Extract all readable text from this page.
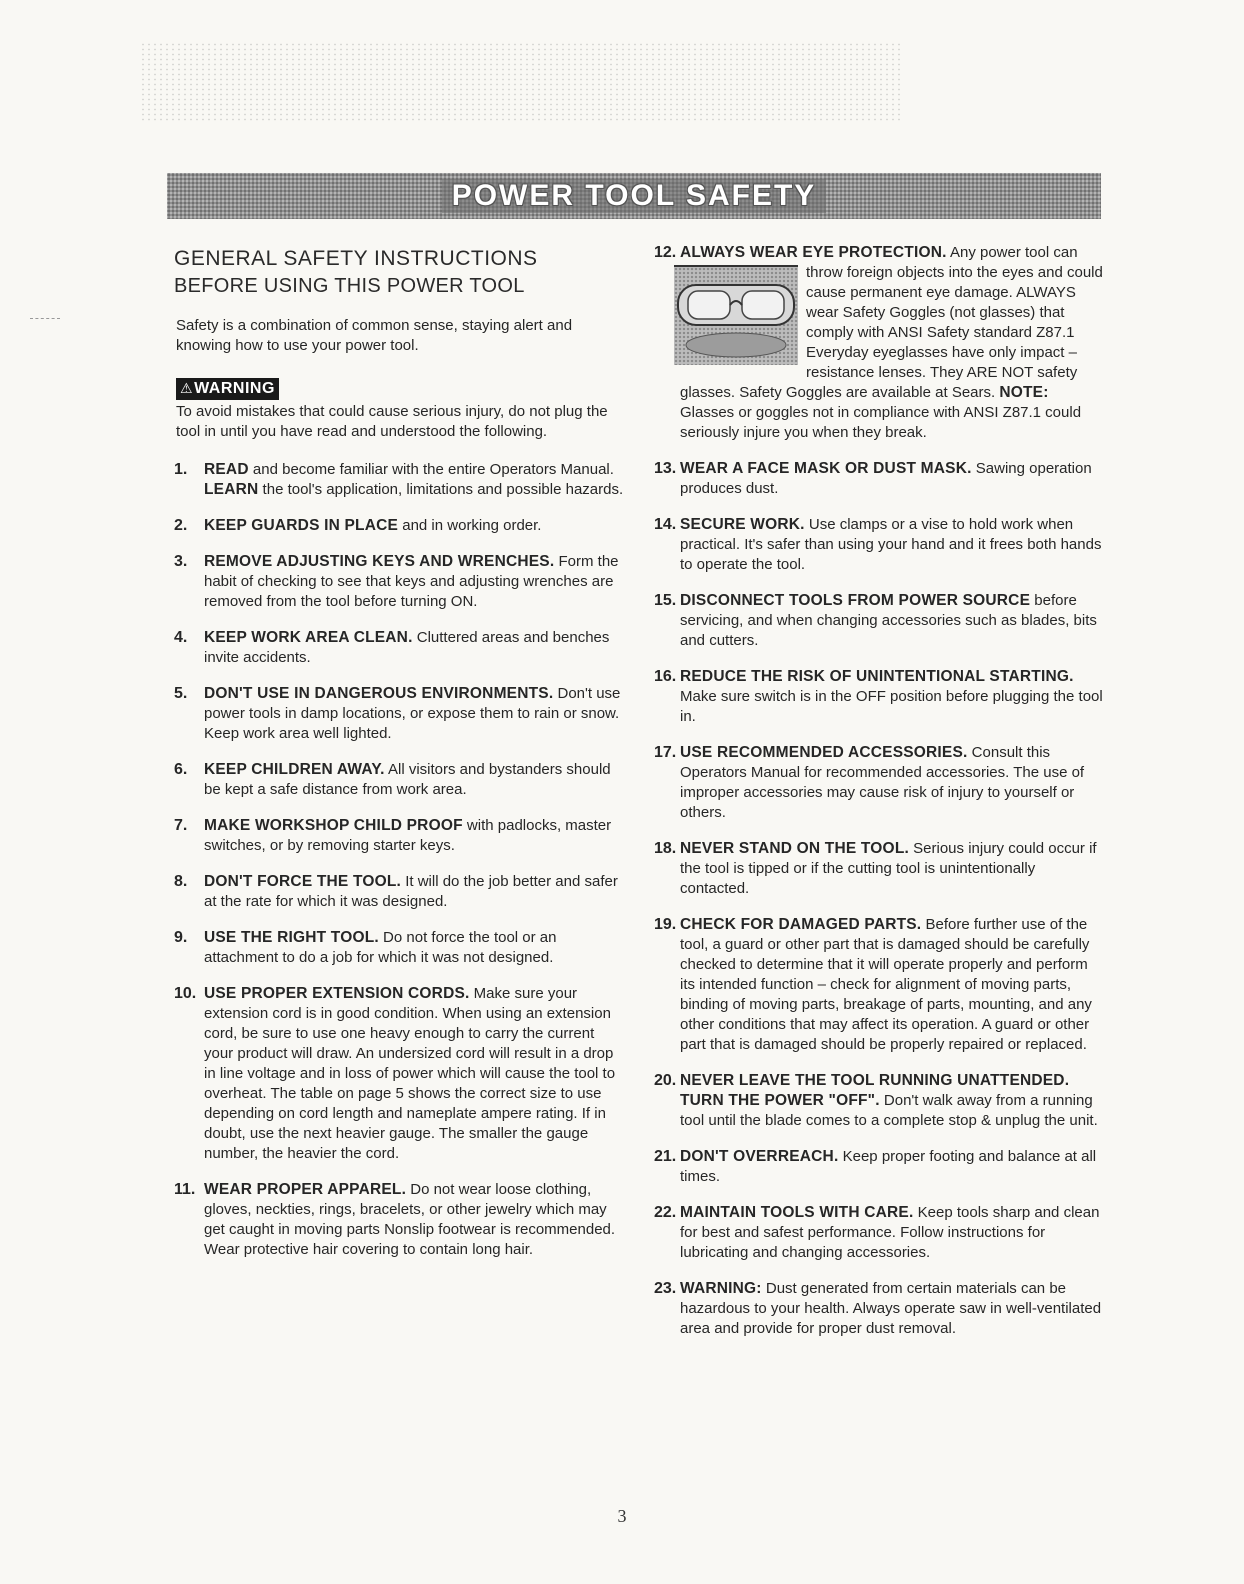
POWER TOOL SAFETY
GENERAL SAFETY INSTRUCTIONS
BEFORE USING THIS POWER TOOL
Safety is a combination of common sense, staying alert and knowing how to use your power tool.
⚠WARNING
To avoid mistakes that could cause serious injury, do not plug the tool in until you have read and understood the following.
1.	READ and become familiar with the entire Operators Manual. LEARN the tool's application, limitations and possible hazards.
2.	KEEP GUARDS IN PLACE and in working order.
3.	REMOVE ADJUSTING KEYS AND WRENCHES. Form the habit of checking to see that keys and adjusting wrenches are removed from the tool before turning ON.
4.	KEEP WORK AREA CLEAN. Cluttered areas and benches invite accidents.
5.	DON'T USE IN DANGEROUS ENVIRONMENTS. Don't use power tools in damp locations, or expose them to rain or snow. Keep work area well lighted.
6.	KEEP CHILDREN AWAY. All visitors and bystanders should be kept a safe distance from work area.
7.	MAKE WORKSHOP CHILD PROOF with padlocks, master switches, or by removing starter keys.
8.	DON'T FORCE THE TOOL. It will do the job better and safer at the rate for which it was designed.
9.	USE THE RIGHT TOOL. Do not force the tool or an attachment to do a job for which it was not designed.
10. USE PROPER EXTENSION CORDS. Make sure your extension cord is in good condition. When using an extension cord, be sure to use one heavy enough to carry the current your product will draw. An undersized cord will result in a drop in line voltage and in loss of power which will cause the tool to overheat. The table on page 5 shows the correct size to use depending on cord length and nameplate ampere rating. If in doubt, use the next heavier gauge. The smaller the gauge number, the heavier the cord.
11. WEAR PROPER APPAREL. Do not wear loose clothing, gloves, neckties, rings, bracelets, or other jewelry which may get caught in moving parts Nonslip footwear is recommended. Wear protective hair covering to contain long hair.
12. ALWAYS WEAR EYE PROTECTION. Any power tool can throw foreign objects into the eyes and
could cause permanent eye damage. ALWAYS wear Safety Goggles (not glasses) that comply with ANSI Safety standard Z87.1 Everyday eyeglasses have only impact –resistance lenses. They ARE NOT safety glasses. Safety Goggles are available at Sears. NOTE: Glasses or goggles not in compliance with ANSI Z87.1 could seriously injure you when they break.
13. WEAR A FACE MASK OR DUST MASK. Sawing operation produces dust.
14. SECURE WORK. Use clamps or a vise to hold work when practical. It's safer than using your hand and it frees both hands to operate the tool.
15. DISCONNECT TOOLS FROM POWER SOURCE before servicing, and when changing accessories such as blades, bits and cutters.
16. REDUCE THE RISK OF UNINTENTIONAL STARTING. Make sure switch is in the OFF position before plugging the tool in.
17. USE RECOMMENDED ACCESSORIES. Consult this Operators Manual for recommended accessories. The use of improper accessories may cause risk of injury to yourself or others.
18. NEVER STAND ON THE TOOL. Serious injury could occur if the tool is tipped or if the cutting tool is unintentionally contacted.
19. CHECK FOR DAMAGED PARTS. Before further use of the tool, a guard or other part that is damaged should be carefully checked to determine that it will operate properly and perform its intended function – check for alignment of moving parts, binding of moving parts, breakage of parts, mounting, and any other conditions that may affect its operation. A guard or other part that is damaged should be properly repaired or replaced.
20. NEVER LEAVE THE TOOL RUNNING UNATTENDED. TURN THE POWER "OFF". Don't walk away from a running tool until the blade comes to a complete stop & unplug the unit.
21. DON'T OVERREACH. Keep proper footing and balance at all times.
22. MAINTAIN TOOLS WITH CARE. Keep tools sharp and clean for best and safest performance. Follow instructions for lubricating and changing accessories.
23. WARNING: Dust generated from certain materials can be hazardous to your health. Always operate saw in well-ventilated area and provide for proper dust removal.
3
